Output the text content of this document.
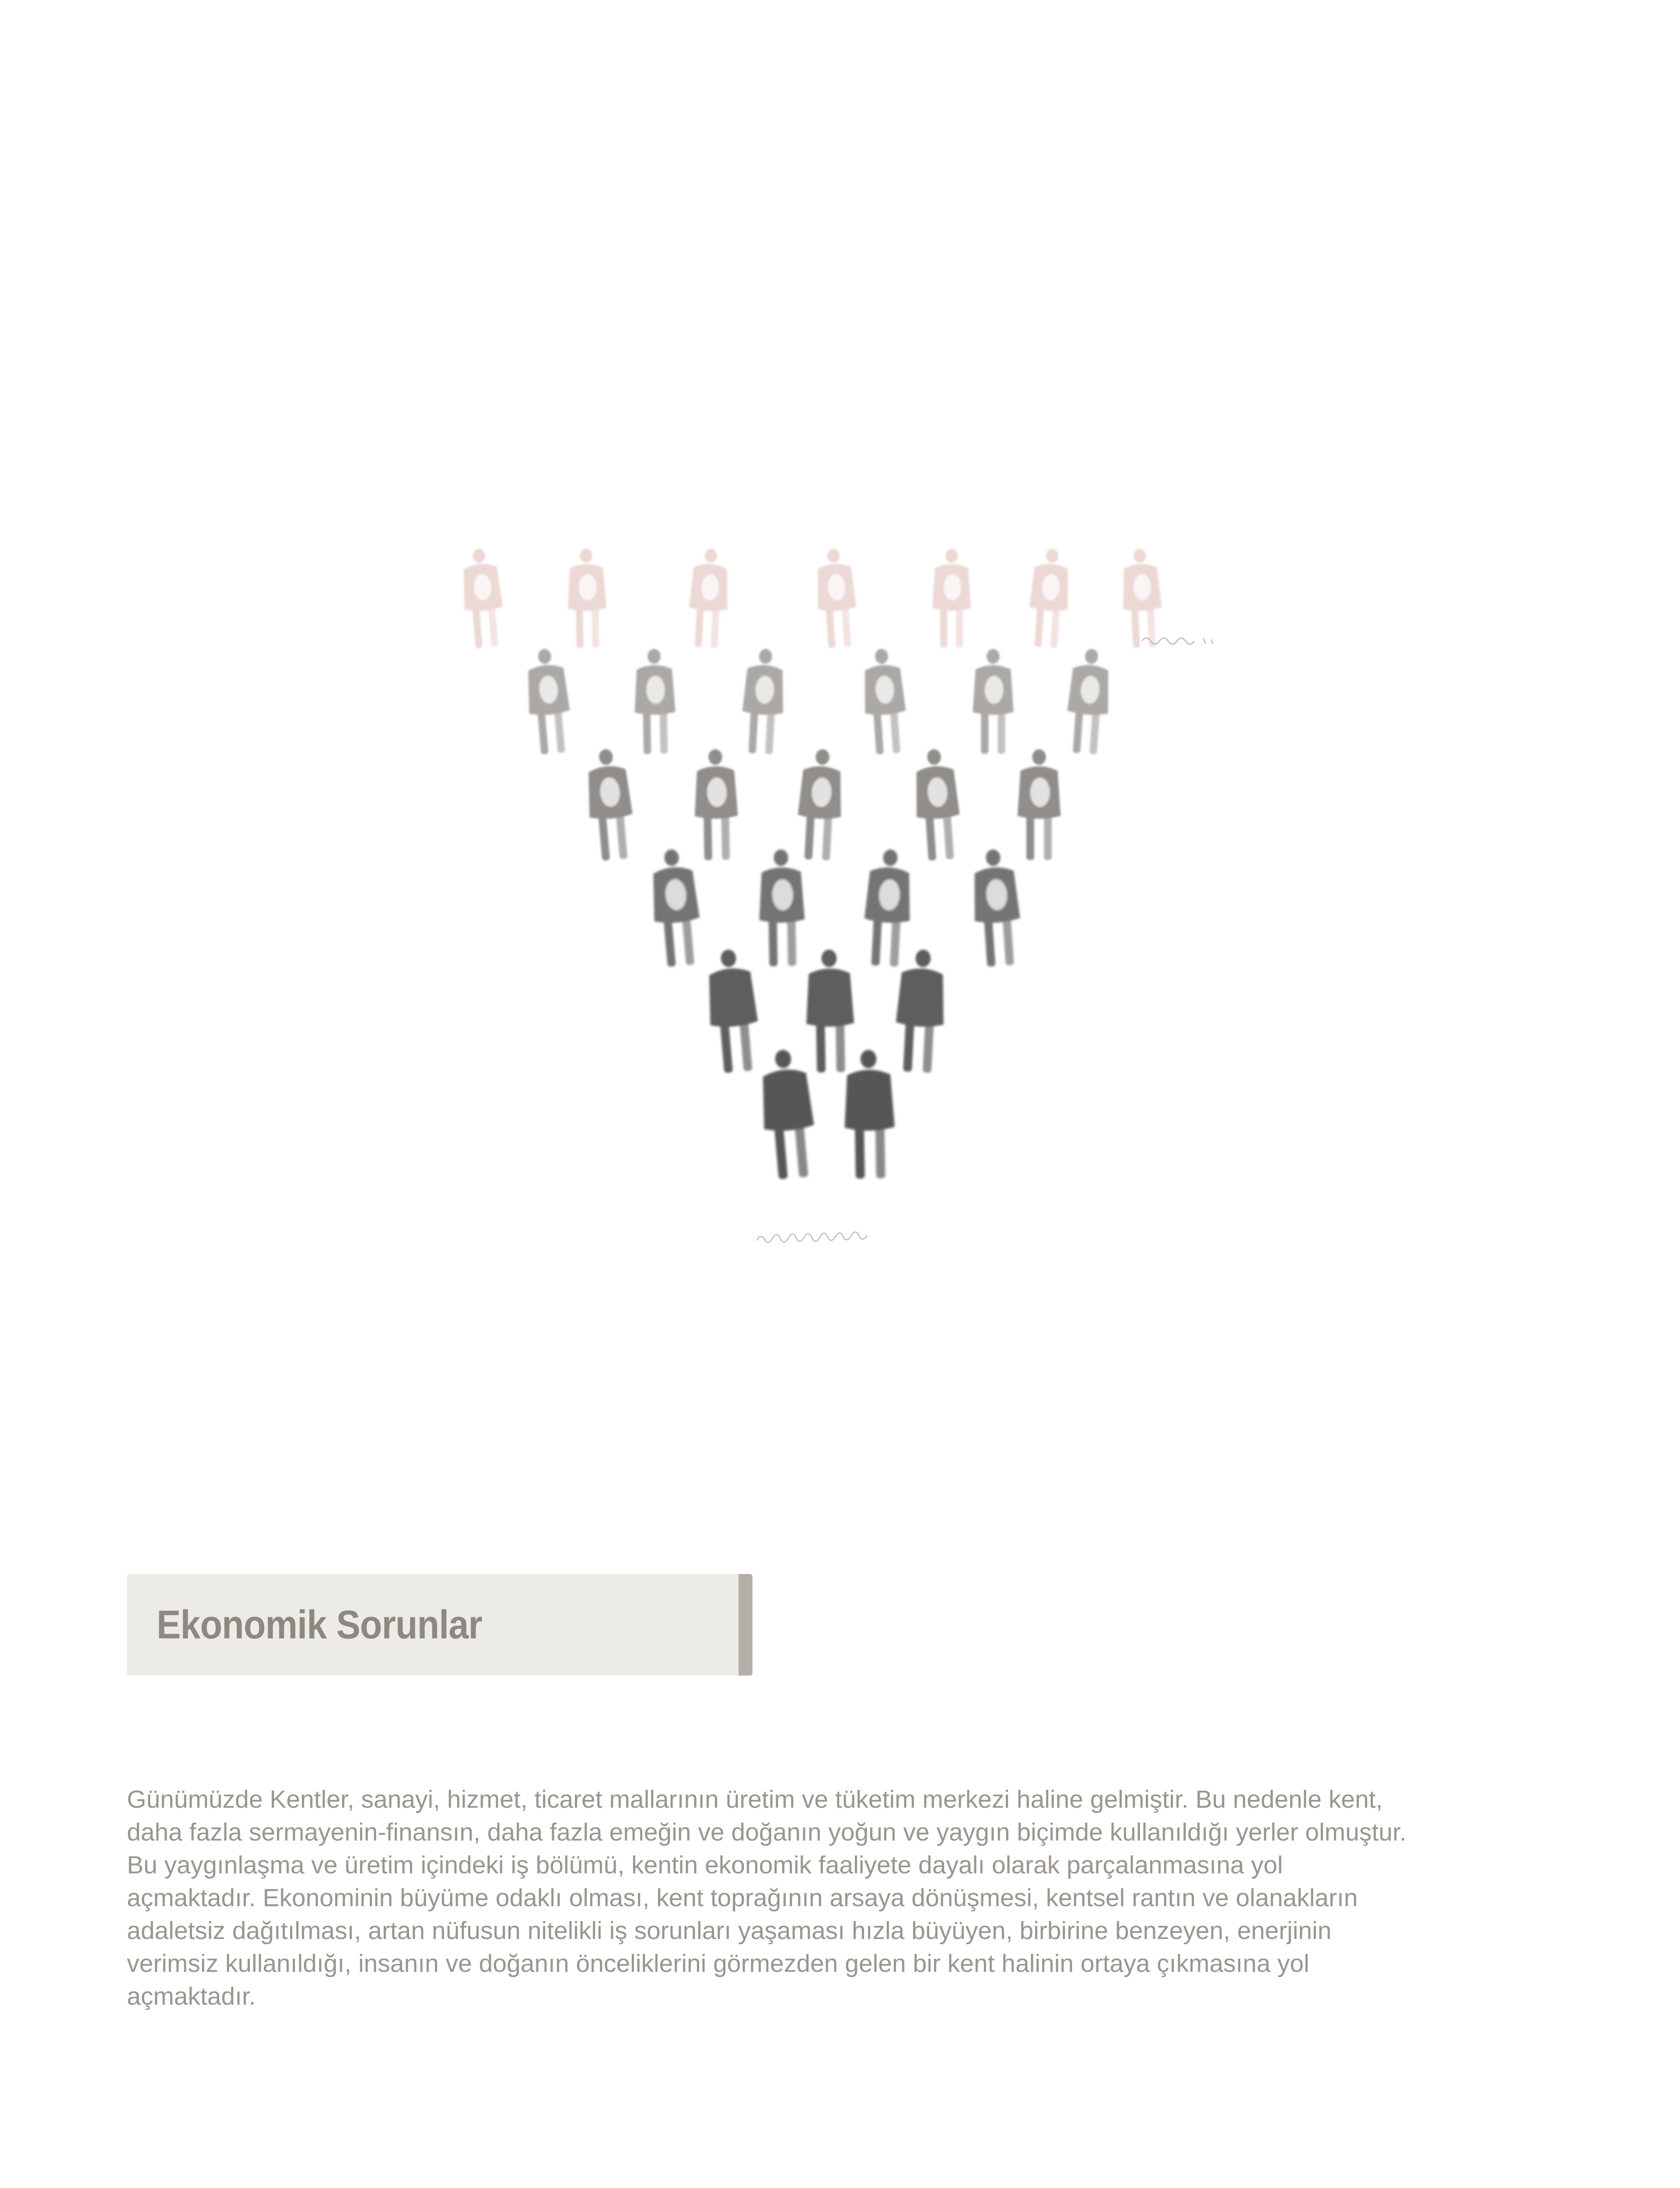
Ekonomik Sorunlar
Günümüzde Kentler, sanayi, hizmet, ticaret mallarının üretim ve tüketim merkezi haline gelmiştir. Bu nedenle kent,
daha fazla sermayenin-finansın, daha fazla emeğin ve doğanın yoğun ve yaygın biçimde kullanıldığı yerler olmuştur.
Bu yaygınlaşma ve üretim içindeki iş bölümü, kentin ekonomik faaliyete dayalı olarak parçalanmasına yol
açmaktadır. Ekonominin büyüme odaklı olması, kent toprağının arsaya dönüşmesi, kentsel rantın ve olanakların
adaletsiz dağıtılması, artan nüfusun nitelikli iş sorunları yaşaması hızla büyüyen, birbirine benzeyen, enerjinin
verimsiz kullanıldığı, insanın ve doğanın önceliklerini görmezden gelen bir kent halinin ortaya çıkmasına yol
açmaktadır.
